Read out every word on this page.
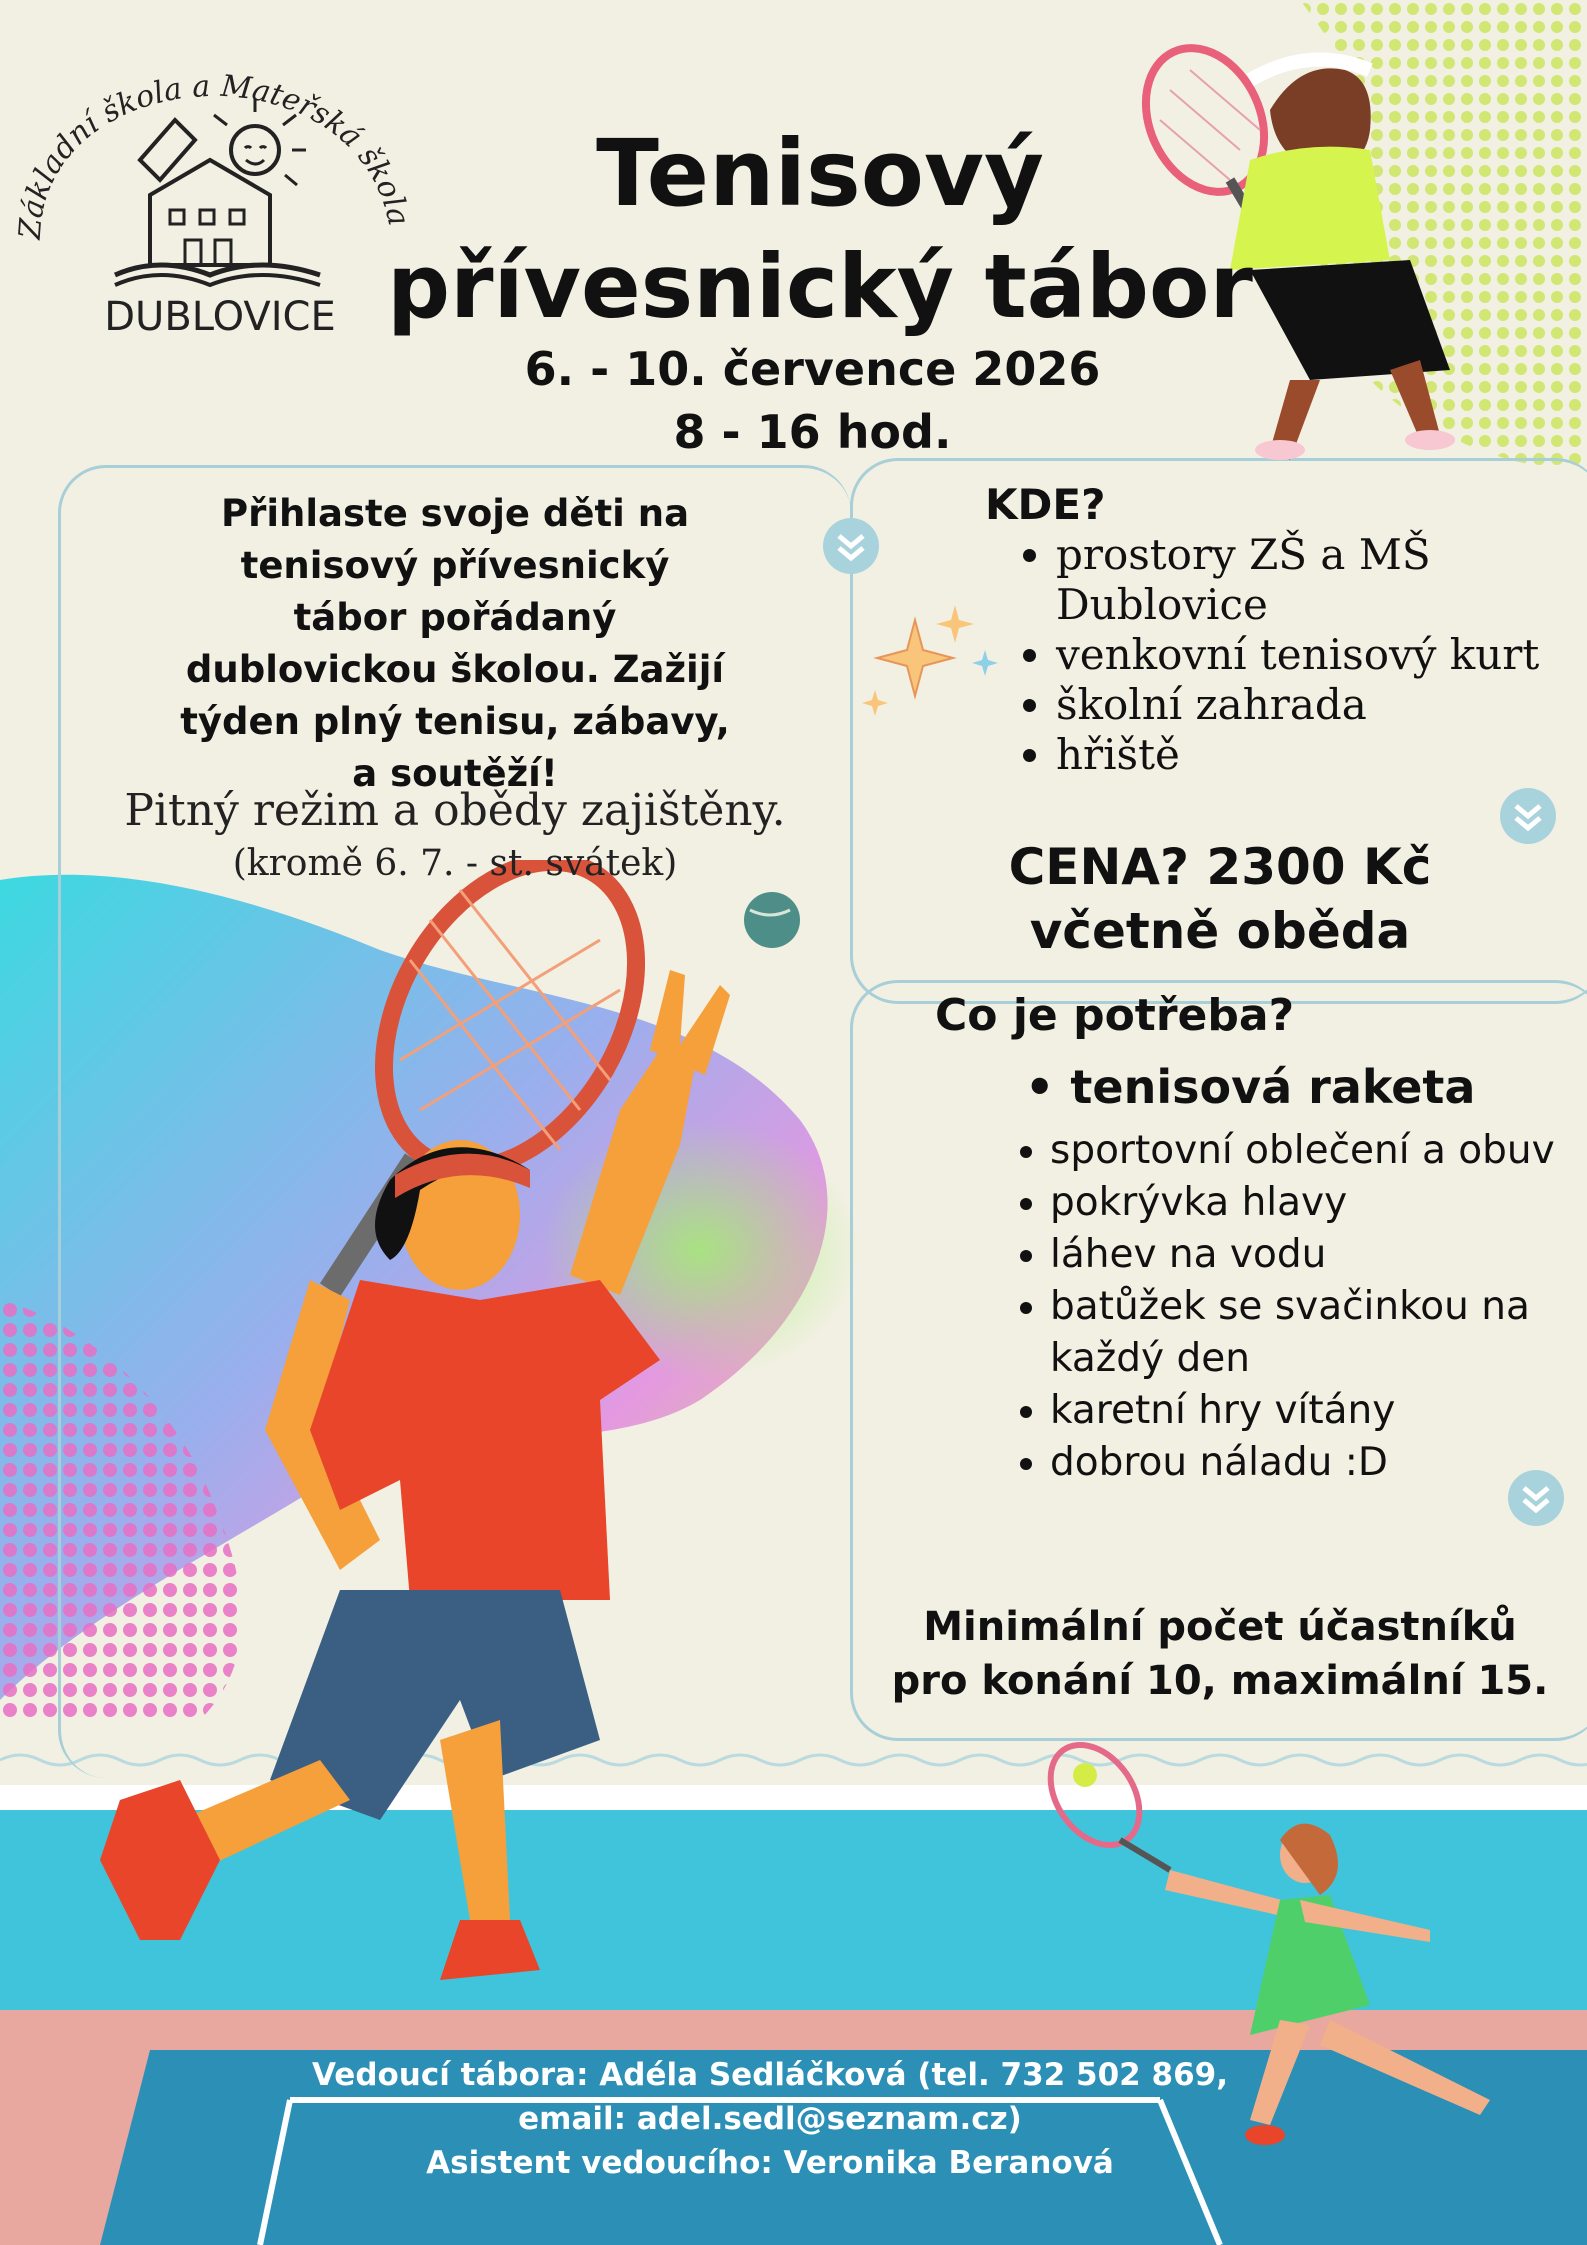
Základní škola a Mateřská škola
DUBLOVICE
Tenisový
přívesnický tábor
6. - 10. července 2026
8 - 16 hod.
Přihlaste svoje děti na
tenisový přívesnický
tábor pořádaný
dublovickou školou. Zažijí
týden plný tenisu, zábavy,
a soutěží!
Pitný režim a obědy zajištěny.
(kromě 6. 7. - st. svátek)
KDE?
• prostory ZŠ a MŠ Dublovice
• venkovní tenisový kurt
• školní zahrada
• hřiště
CENA? 2300 Kč
včetně oběda
Co je potřeba?
• tenisová raketa
• sportovní oblečení a obuv
• pokrývka hlavy
• láhev na vodu
• batůžek se svačinkou na každý den
• karetní hry vítány
• dobrou náladu :D
Minimální počet účastníků
pro konání 10, maximální 15.
Vedoucí tábora: Adéla Sedláčková (tel. 732 502 869,
email: adel.sedl@seznam.cz)
Asistent vedoucího: Veronika Beranová
